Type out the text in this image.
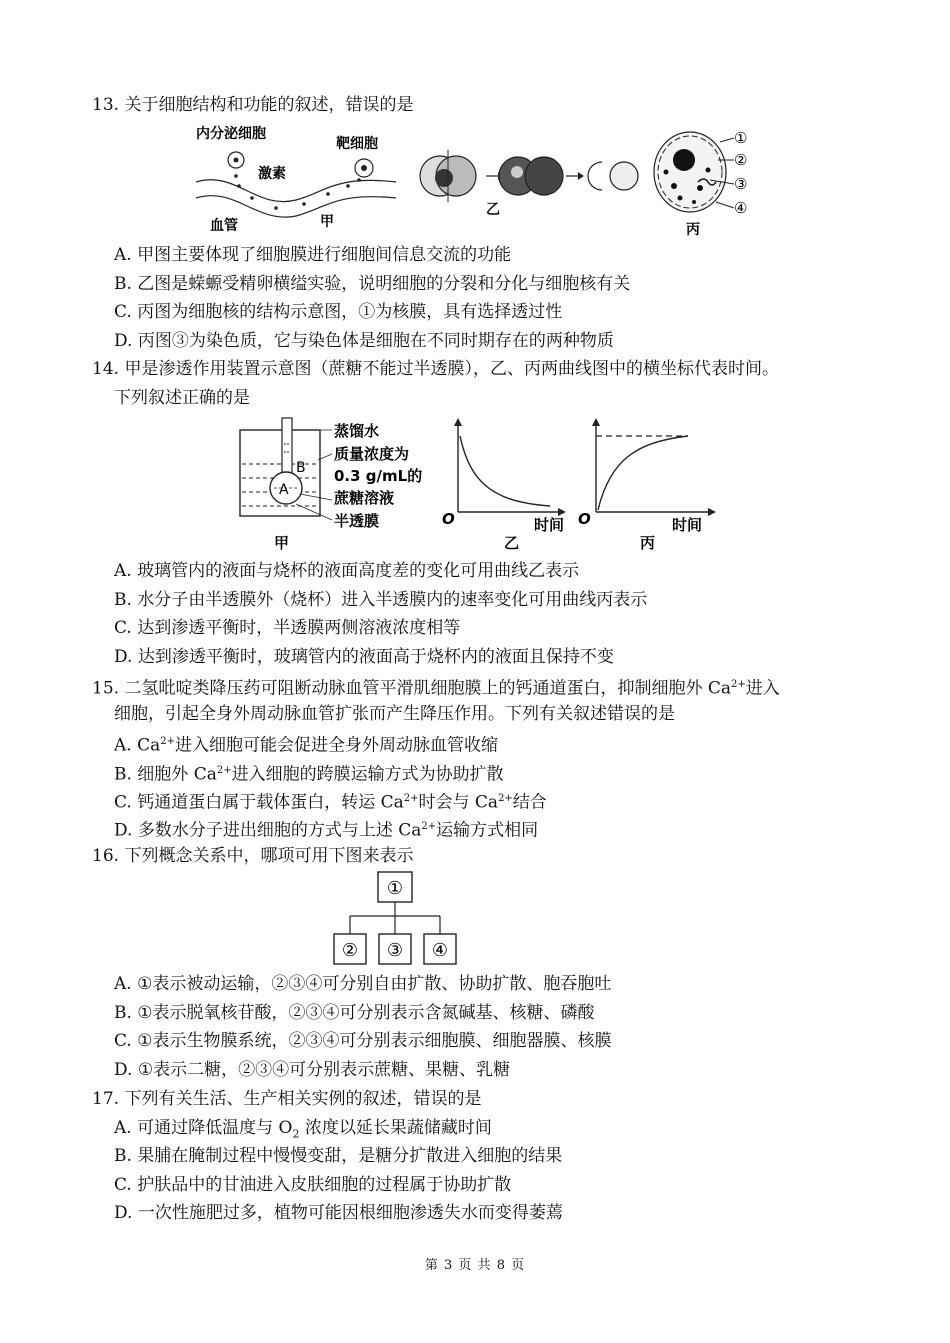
13. 关于细胞结构和功能的叙述，错误的是
内分泌细胞
靶细胞
激素
血管	甲
乙
①
②
③
④
丙
A. 甲图主要体现了细胞膜进行细胞间信息交流的功能
B. 乙图是蝾螈受精卵横缢实验，说明细胞的分裂和分化与细胞核有关
C. 丙图为细胞核的结构示意图，①为核膜，具有选择透过性
D. 丙图③为染色质，它与染色体是细胞在不同时期存在的两种物质
14. 甲是渗透作用装置示意图（蔗糖不能过半透膜），乙、丙两曲线图中的横坐标代表时间。
下列叙述正确的是
A
B
蒸馏水
质量浓度为
0.3 g/mL的
蔗糖溶液
半透膜
甲
O	时间
乙
O	时间
丙
A. 玻璃管内的液面与烧杯的液面高度差的变化可用曲线乙表示
B. 水分子由半透膜外（烧杯）进入半透膜内的速率变化可用曲线丙表示
C. 达到渗透平衡时，半透膜两侧溶液浓度相等
D. 达到渗透平衡时，玻璃管内的液面高于烧杯内的液面且保持不变
15. 二氢吡啶类降压药可阻断动脉血管平滑肌细胞膜上的钙通道蛋白，抑制细胞外 $Ca^{2+}$进入
细胞，引起全身外周动脉血管扩张而产生降压作用。下列有关叙述错误的是
A. $Ca^{2+}$进入细胞可能会促进全身外周动脉血管收缩
B. 细胞外 $Ca^{2+}$进入细胞的跨膜运输方式为协助扩散
C. 钙通道蛋白属于载体蛋白，转运 $Ca^{2+}$时会与 $Ca^{2+}$结合
D. 多数水分子进出细胞的方式与上述 $Ca^{2+}$运输方式相同
16. 下列概念关系中，哪项可用下图来表示
①
② ③ ④
A. ①表示被动运输，②③④可分别自由扩散、协助扩散、胞吞胞吐
B. ①表示脱氧核苷酸，②③④可分别表示含氮碱基、核糖、磷酸
C. ①表示生物膜系统，②③④可分别表示细胞膜、细胞器膜、核膜
D. ①表示二糖，②③④可分别表示蔗糖、果糖、乳糖
17. 下列有关生活、生产相关实例的叙述，错误的是
A. 可通过降低温度与 $O_2$ 浓度以延长果蔬储藏时间
B. 果脯在腌制过程中慢慢变甜，是糖分扩散进入细胞的结果
C. 护肤品中的甘油进入皮肤细胞的过程属于协助扩散
D. 一次性施肥过多，植物可能因根细胞渗透失水而变得萎蔫
第 3 页 共 8 页
